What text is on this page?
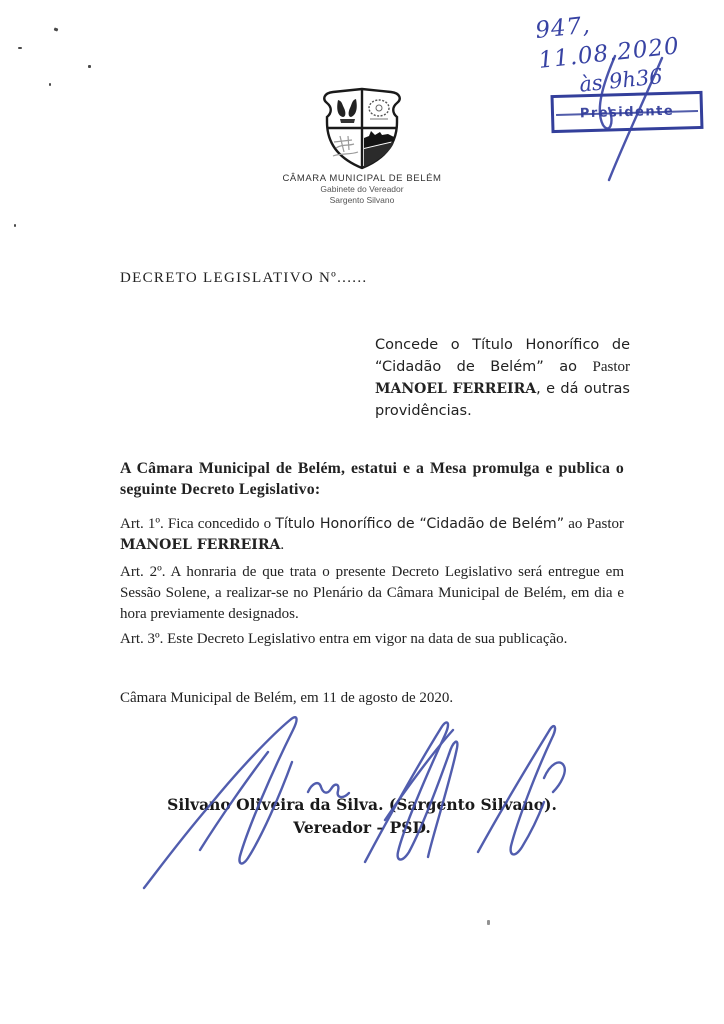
947, 11.08.2020
às 9h36
Presidente
CÂMARA MUNICIPAL DE BELÉM
Gabinete do Vereador
Sargento Silvano
DECRETO LEGISLATIVO Nº......

Concede o Título Honorífico de “Cidadão de Belém” ao Pastor MANOEL FERREIRA, e dá outras providências.

A Câmara Municipal de Belém, estatui e a Mesa promulga e publica o seguinte Decreto Legislativo:

Art. 1º. Fica concedido o Título Honorífico de “Cidadão de Belém” ao Pastor MANOEL FERREIRA.

Art. 2º. A honraria de que trata o presente Decreto Legislativo será entregue em Sessão Solene, a realizar-se no Plenário da Câmara Municipal de Belém, em dia e hora previamente designados.

Art. 3º. Este Decreto Legislativo entra em vigor na data de sua publicação.

Câmara Municipal de Belém, em 11 de agosto de 2020.
Silvano Oliveira da Silva. (Sargento Silvano).
Vereador – PSD.
